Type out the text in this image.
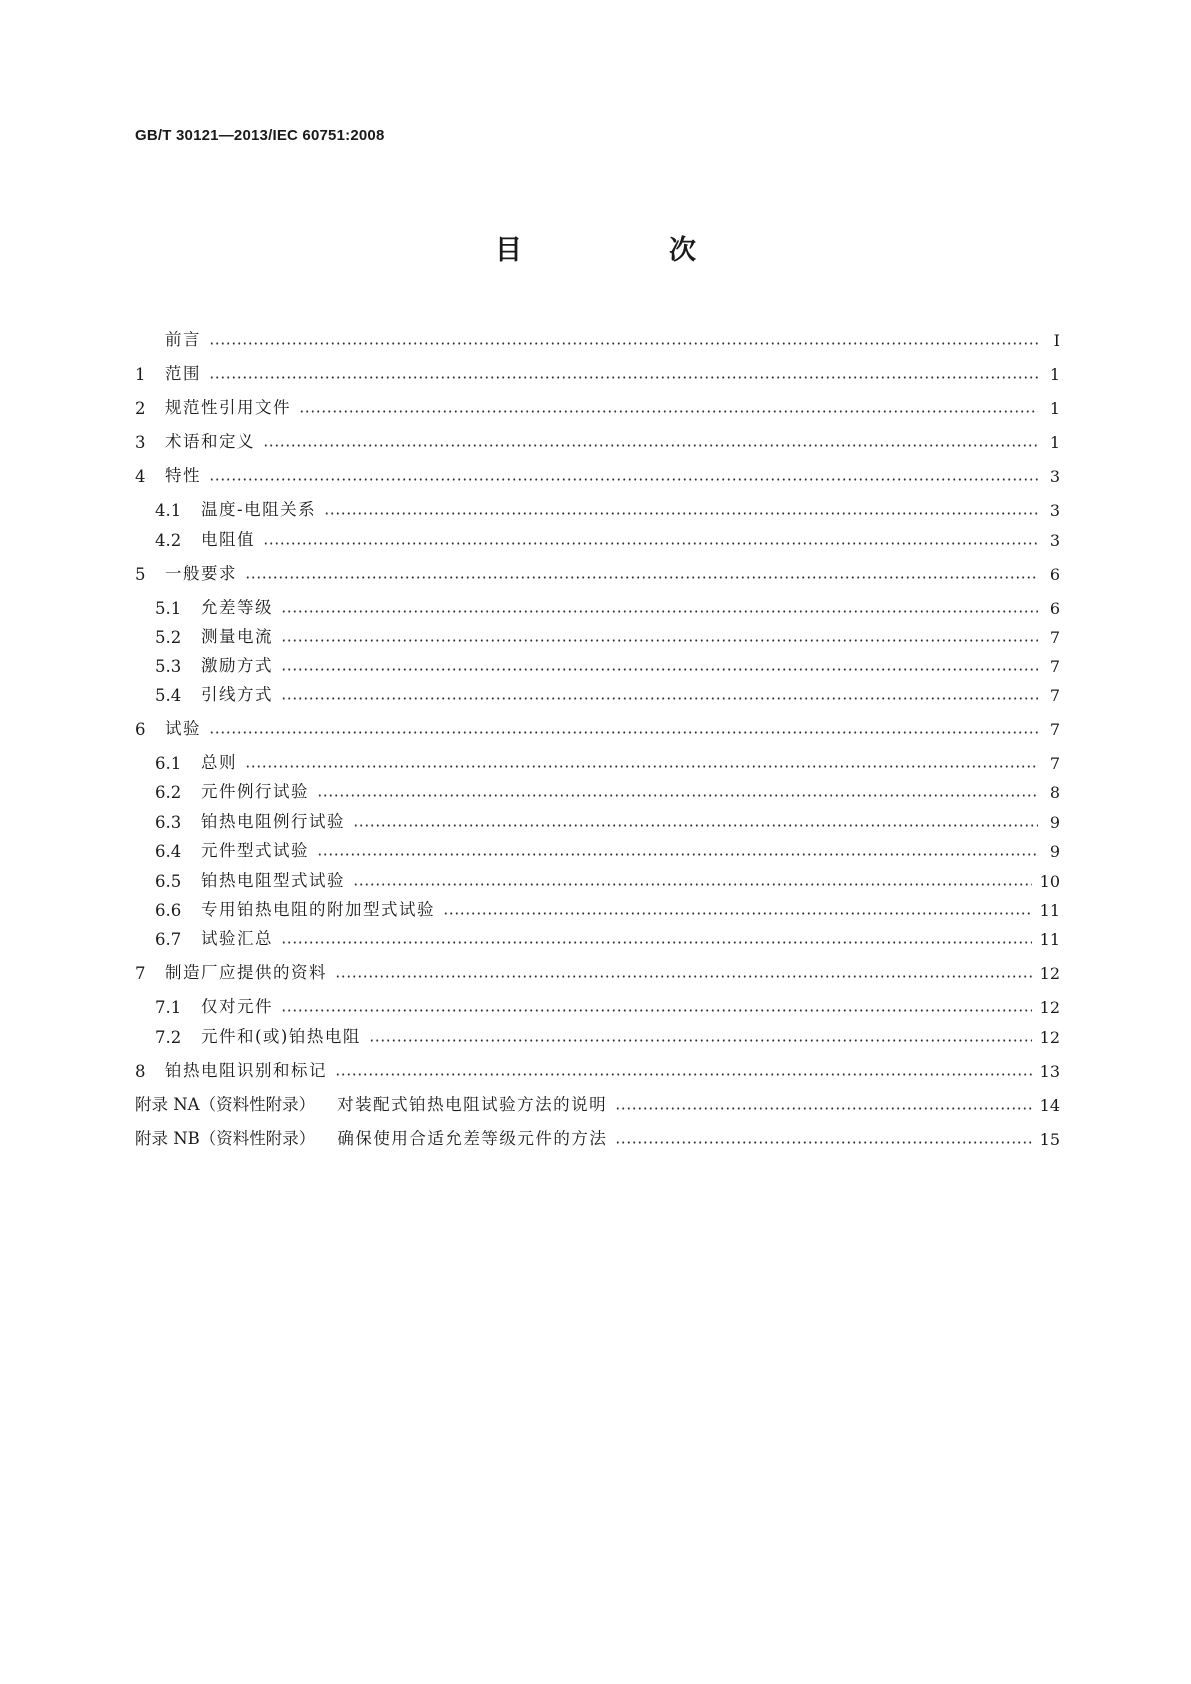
GB/T 30121—2013/IEC 60751:2008
目　次
前言	Ⅰ
1	范围	1
2	规范性引用文件	1
3	术语和定义	1
4	特性	3
4.1	温度-电阻关系	3
4.2	电阻值	3
5	一般要求	6
5.1	允差等级	6
5.2	测量电流	7
5.3	激励方式	7
5.4	引线方式	7
6	试验	7
6.1	总则	7
6.2	元件例行试验	8
6.3	铂热电阻例行试验	9
6.4	元件型式试验	9
6.5	铂热电阻型式试验	10
6.6	专用铂热电阻的附加型式试验	11
6.7	试验汇总	11
7	制造厂应提供的资料	12
7.1	仅对元件	12
7.2	元件和(或)铂热电阻	12
8	铂热电阻识别和标记	13
附录 NA（资料性附录） 对装配式铂热电阻试验方法的说明	14
附录 NB（资料性附录） 确保使用合适允差等级元件的方法	15
